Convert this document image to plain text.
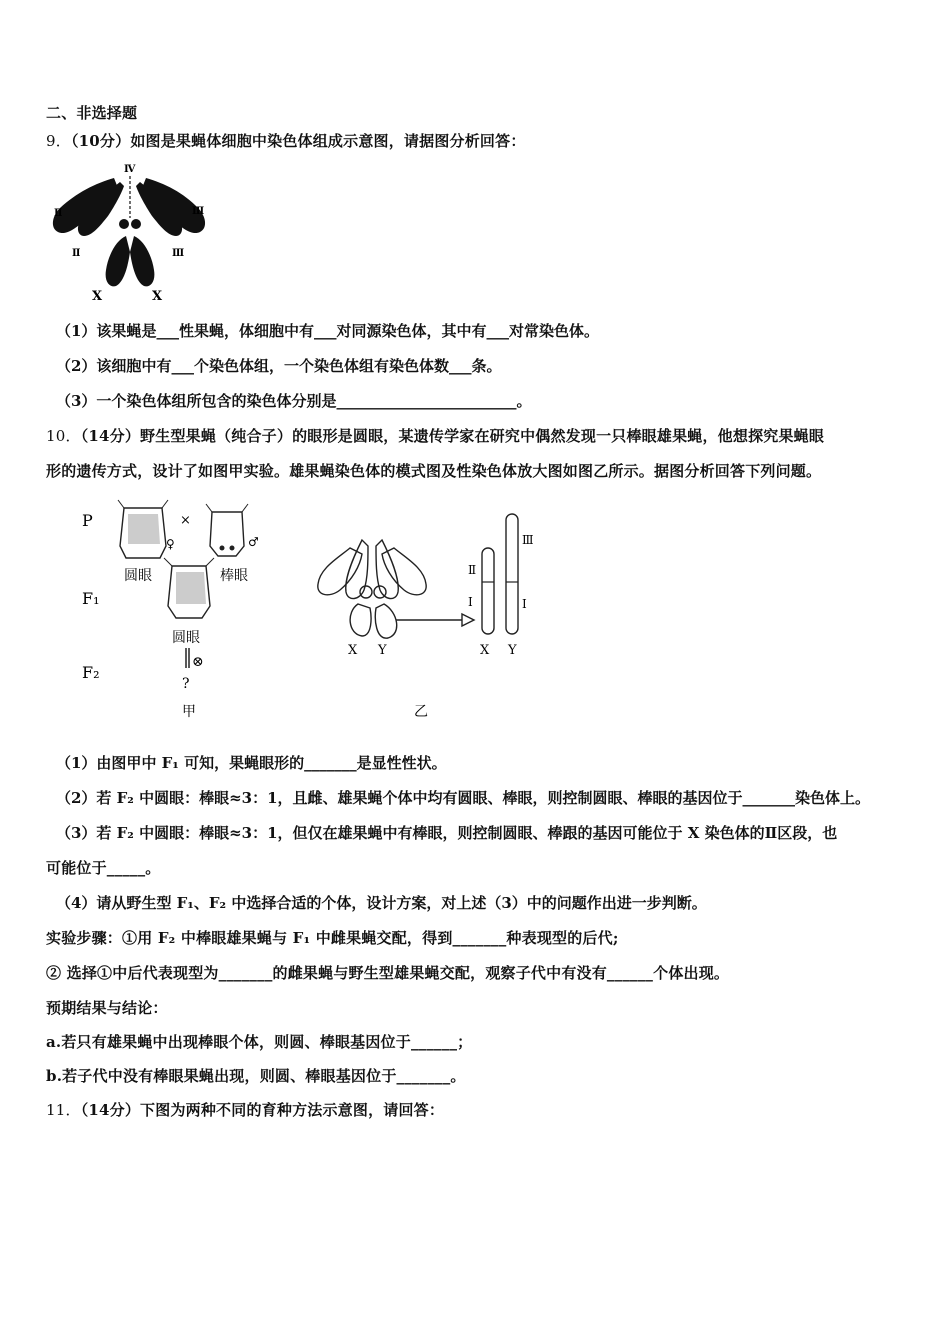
二、非选择题
9．（10分）如图是果蝇体细胞中染色体组成示意图，请据图分析回答：
Ⅳ
Ⅱ
Ⅱ
Ⅲ
Ⅲ
X	X
（1）该果蝇是___性果蝇，体细胞中有___对同源染色体，其中有___对常染色体。
（2）该细胞中有___个染色体组，一个染色体组有染色体数___条。
（3）一个染色体组所包含的染色体分别是________________________。
10．（14分）野生型果蝇（纯合子）的眼形是圆眼，某遗传学家在研究中偶然发现一只棒眼雄果蝇，他想探究果蝇眼
形的遗传方式，设计了如图甲实验。雄果蝇染色体的模式图及性染色体放大图如图乙所示。据图分析回答下列问题。
P
F₁
F₂
×
♀
圆眼
♂
棒眼
圆眼
⊗
?
甲
X Y
Ⅱ
Ⅰ
Ⅲ
Ⅰ
X Y
乙
（1）由图甲中 F₁ 可知，果蝇眼形的_______是显性性状。
（2）若 F₂ 中圆眼：棒眼≈3：1，且雌、雄果蝇个体中均有圆眼、棒眼，则控制圆眼、棒眼的基因位于_______染色体上。
（3）若 F₂ 中圆眼：棒眼≈3：1，但仅在雄果蝇中有棒眼，则控制圆眼、棒跟的基因可能位于 X 染色体的Ⅱ区段，也
可能位于_____。
（4）请从野生型 F₁、F₂ 中选择合适的个体，设计方案，对上述（3）中的问题作出进一步判断。
实验步骤：①用 F₂ 中棒眼雄果蝇与 F₁ 中雌果蝇交配，得到_______种表现型的后代;
② 选择①中后代表现型为_______的雌果蝇与野生型雄果蝇交配，观察子代中有没有______个体出现。
预期结果与结论：
a.若只有雄果蝇中出现棒眼个体，则圆、棒眼基因位于______；
b.若子代中没有棒眼果蝇出现，则圆、棒眼基因位于_______。
11．（14分）下图为两种不同的育种方法示意图，请回答：
